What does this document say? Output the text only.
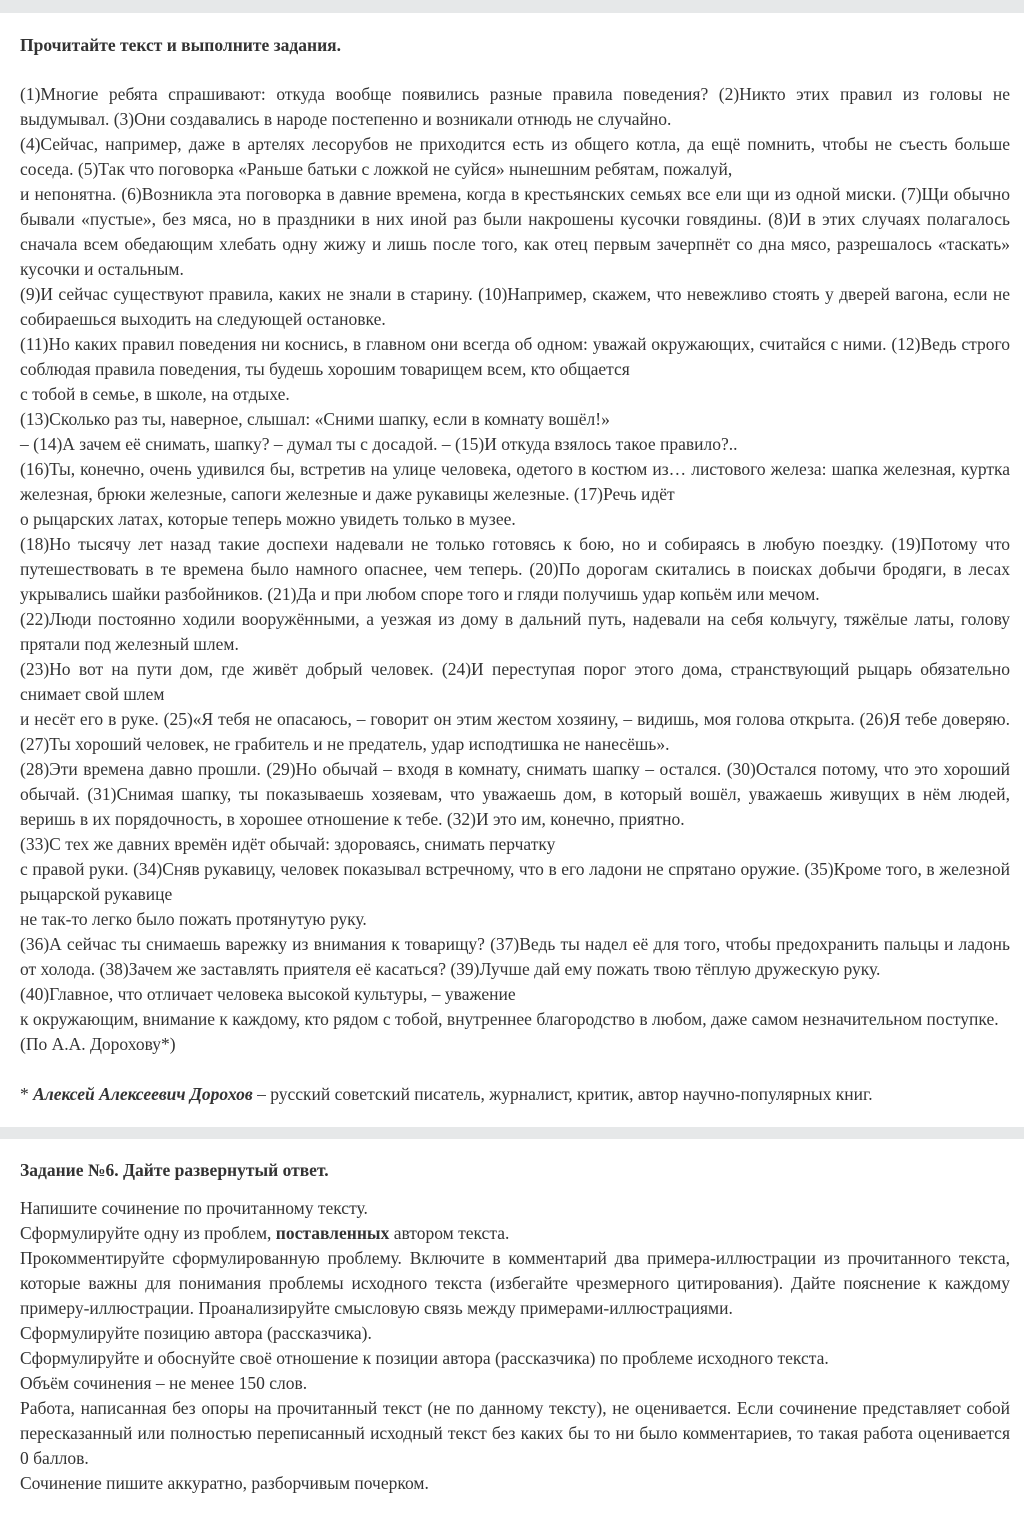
Прочитайте текст и выполните задания.

(1)Многие ребята спрашивают: откуда вообще появились разные правила поведения? (2)Никто этих правил из головы не выдумывал. (3)Они создавались в народе постепенно и возникали отнюдь не случайно.

(4)Сейчас, например, даже в артелях лесорубов не приходится есть из общего котла, да ещё помнить, чтобы не съесть больше соседа. (5)Так что поговорка «Раньше батьки с ложкой не суйся» нынешним ребятам, пожалуй,
и непонятна. (6)Возникла эта поговорка в давние времена, когда в крестьянских семьях все ели щи из одной миски. (7)Щи обычно бывали «пустые», без мяса, но в праздники в них иной раз были накрошены кусочки говядины. (8)И в этих случаях полагалось сначала всем обедающим хлебать одну жижу и лишь после того, как отец первым зачерпнёт со дна мясо, разрешалось «таскать» кусочки и остальным.

(9)И сейчас существуют правила, каких не знали в старину. (10)Например, скажем, что невежливо стоять у дверей вагона, если не собираешься выходить на следующей остановке.

(11)Но каких правил поведения ни коснись, в главном они всегда об одном: уважай окружающих, считайся с ними. (12)Ведь строго соблюдая правила поведения, ты будешь хорошим товарищем всем, кто общается
с тобой в семье, в школе, на отдыхе.

(13)Сколько раз ты, наверное, слышал: «Сними шапку, если в комнату вошёл!»

– (14)А зачем её снимать, шапку? – думал ты с досадой. – (15)И откуда взялось такое правило?..

(16)Ты, конечно, очень удивился бы, встретив на улице человека, одетого в костюм из… листового железа: шапка железная, куртка железная, брюки железные, сапоги железные и даже рукавицы железные. (17)Речь идёт
о рыцарских латах, которые теперь можно увидеть только в музее.

(18)Но тысячу лет назад такие доспехи надевали не только готовясь к бою, но и собираясь в любую поездку. (19)Потому что путешествовать в те времена было намного опаснее, чем теперь. (20)По дорогам скитались в поисках добычи бродяги, в лесах укрывались шайки разбойников. (21)Да и при любом споре того и гляди получишь удар копьём или мечом.

(22)Люди постоянно ходили вооружёнными, а уезжая из дому в дальний путь, надевали на себя кольчугу, тяжёлые латы, голову прятали под железный шлем.

(23)Но вот на пути дом, где живёт добрый человек. (24)И переступая порог этого дома, странствующий рыцарь обязательно снимает свой шлем
и несёт его в руке. (25)«Я тебя не опасаюсь, – говорит он этим жестом хозяину, – видишь, моя голова открыта. (26)Я тебе доверяю. (27)Ты хороший человек, не грабитель и не предатель, удар исподтишка не нанесёшь».

(28)Эти времена давно прошли. (29)Но обычай – входя в комнату, снимать шапку – остался. (30)Остался потому, что это хороший обычай. (31)Снимая шапку, ты показываешь хозяевам, что уважаешь дом, в который вошёл, уважаешь живущих в нём людей, веришь в их порядочность, в хорошее отношение к тебе. (32)И это им, конечно, приятно.

(33)С тех же давних времён идёт обычай: здороваясь, снимать перчатку
с правой руки. (34)Сняв рукавицу, человек показывал встречному, что в его ладони не спрятано оружие. (35)Кроме того, в железной рыцарской рукавице
не так-то легко было пожать протянутую руку.

(36)А сейчас ты снимаешь варежку из внимания к товарищу? (37)Ведь ты надел её для того, чтобы предохранить пальцы и ладонь от холода. (38)Зачем же заставлять приятеля её касаться? (39)Лучше дай ему пожать твою тёплую дружескую руку.

(40)Главное, что отличает человека высокой культуры, – уважение
к окружающим, внимание к каждому, кто рядом с тобой, внутреннее благородство в любом, даже самом незначительном поступке.

(По А.А. Дорохову*)

* Алексей Алексеевич Дорохов – русский советский писатель, журналист, критик, автор научно-популярных книг.

Задание №6. Дайте развернутый ответ.

Напишите сочинение по прочитанному тексту.

Сформулируйте одну из проблем, поставленных автором текста.

Прокомментируйте сформулированную проблему. Включите в комментарий два примера-иллюстрации из прочитанного текста, которые важны для понимания проблемы исходного текста (избегайте чрезмерного цитирования). Дайте пояснение к каждому примеру-иллюстрации. Проанализируйте смысловую связь между примерами-иллюстрациями.

Сформулируйте позицию автора (рассказчика).

Сформулируйте и обоснуйте своё отношение к позиции автора (рассказчика) по проблеме исходного текста.

Объём сочинения – не менее 150 слов.

Работа, написанная без опоры на прочитанный текст (не по данному тексту), не оценивается. Если сочинение представляет собой пересказанный или полностью переписанный исходный текст без каких бы то ни было комментариев, то такая работа оценивается 0 баллов.

Сочинение пишите аккуратно, разборчивым почерком.
